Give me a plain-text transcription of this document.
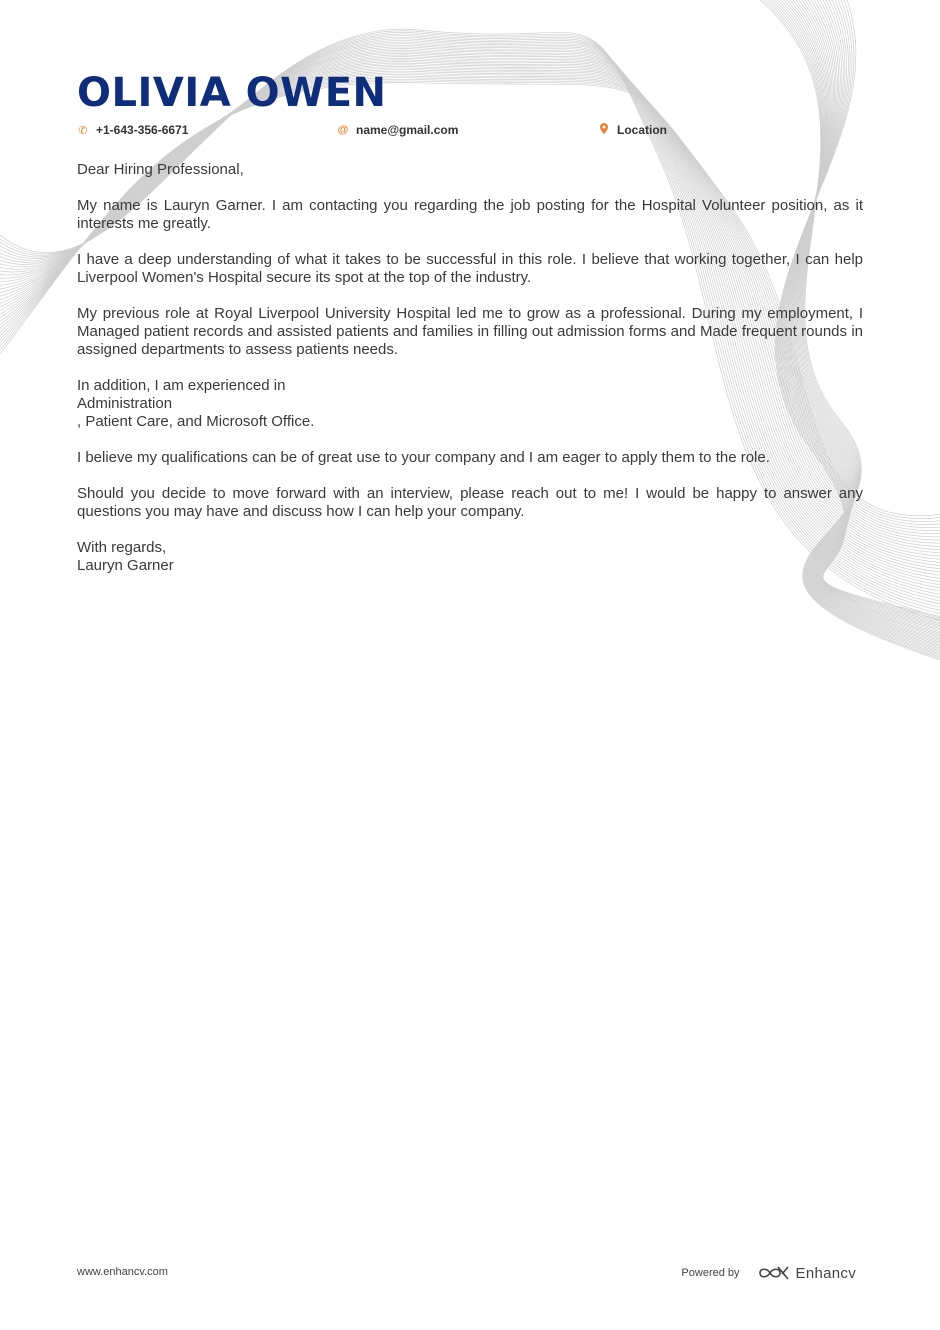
OLIVIA OWEN
✆ +1-643-356-6671	@ name@gmail.com	Location

Dear Hiring Professional,

My name is Lauryn Garner. I am contacting you regarding the job posting for the Hospital Volunteer position, as it interests me greatly.

I have a deep understanding of what it takes to be successful in this role. I believe that working together, I can help Liverpool Women's Hospital secure its spot at the top of the industry.

My previous role at Royal Liverpool University Hospital led me to grow as a professional. During my employment, I Managed patient records and assisted patients and families in filling out admission forms and Made frequent rounds in assigned departments to assess patients needs.

In addition, I am experienced in
Administration
, Patient Care, and Microsoft Office.

I believe my qualifications can be of great use to your company and I am eager to apply them to the role.

Should you decide to move forward with an interview, please reach out to me! I would be happy to answer any questions you may have and discuss how I can help your company.

With regards,
Lauryn Garner

www.enhancv.com	Powered by	Enhancv
